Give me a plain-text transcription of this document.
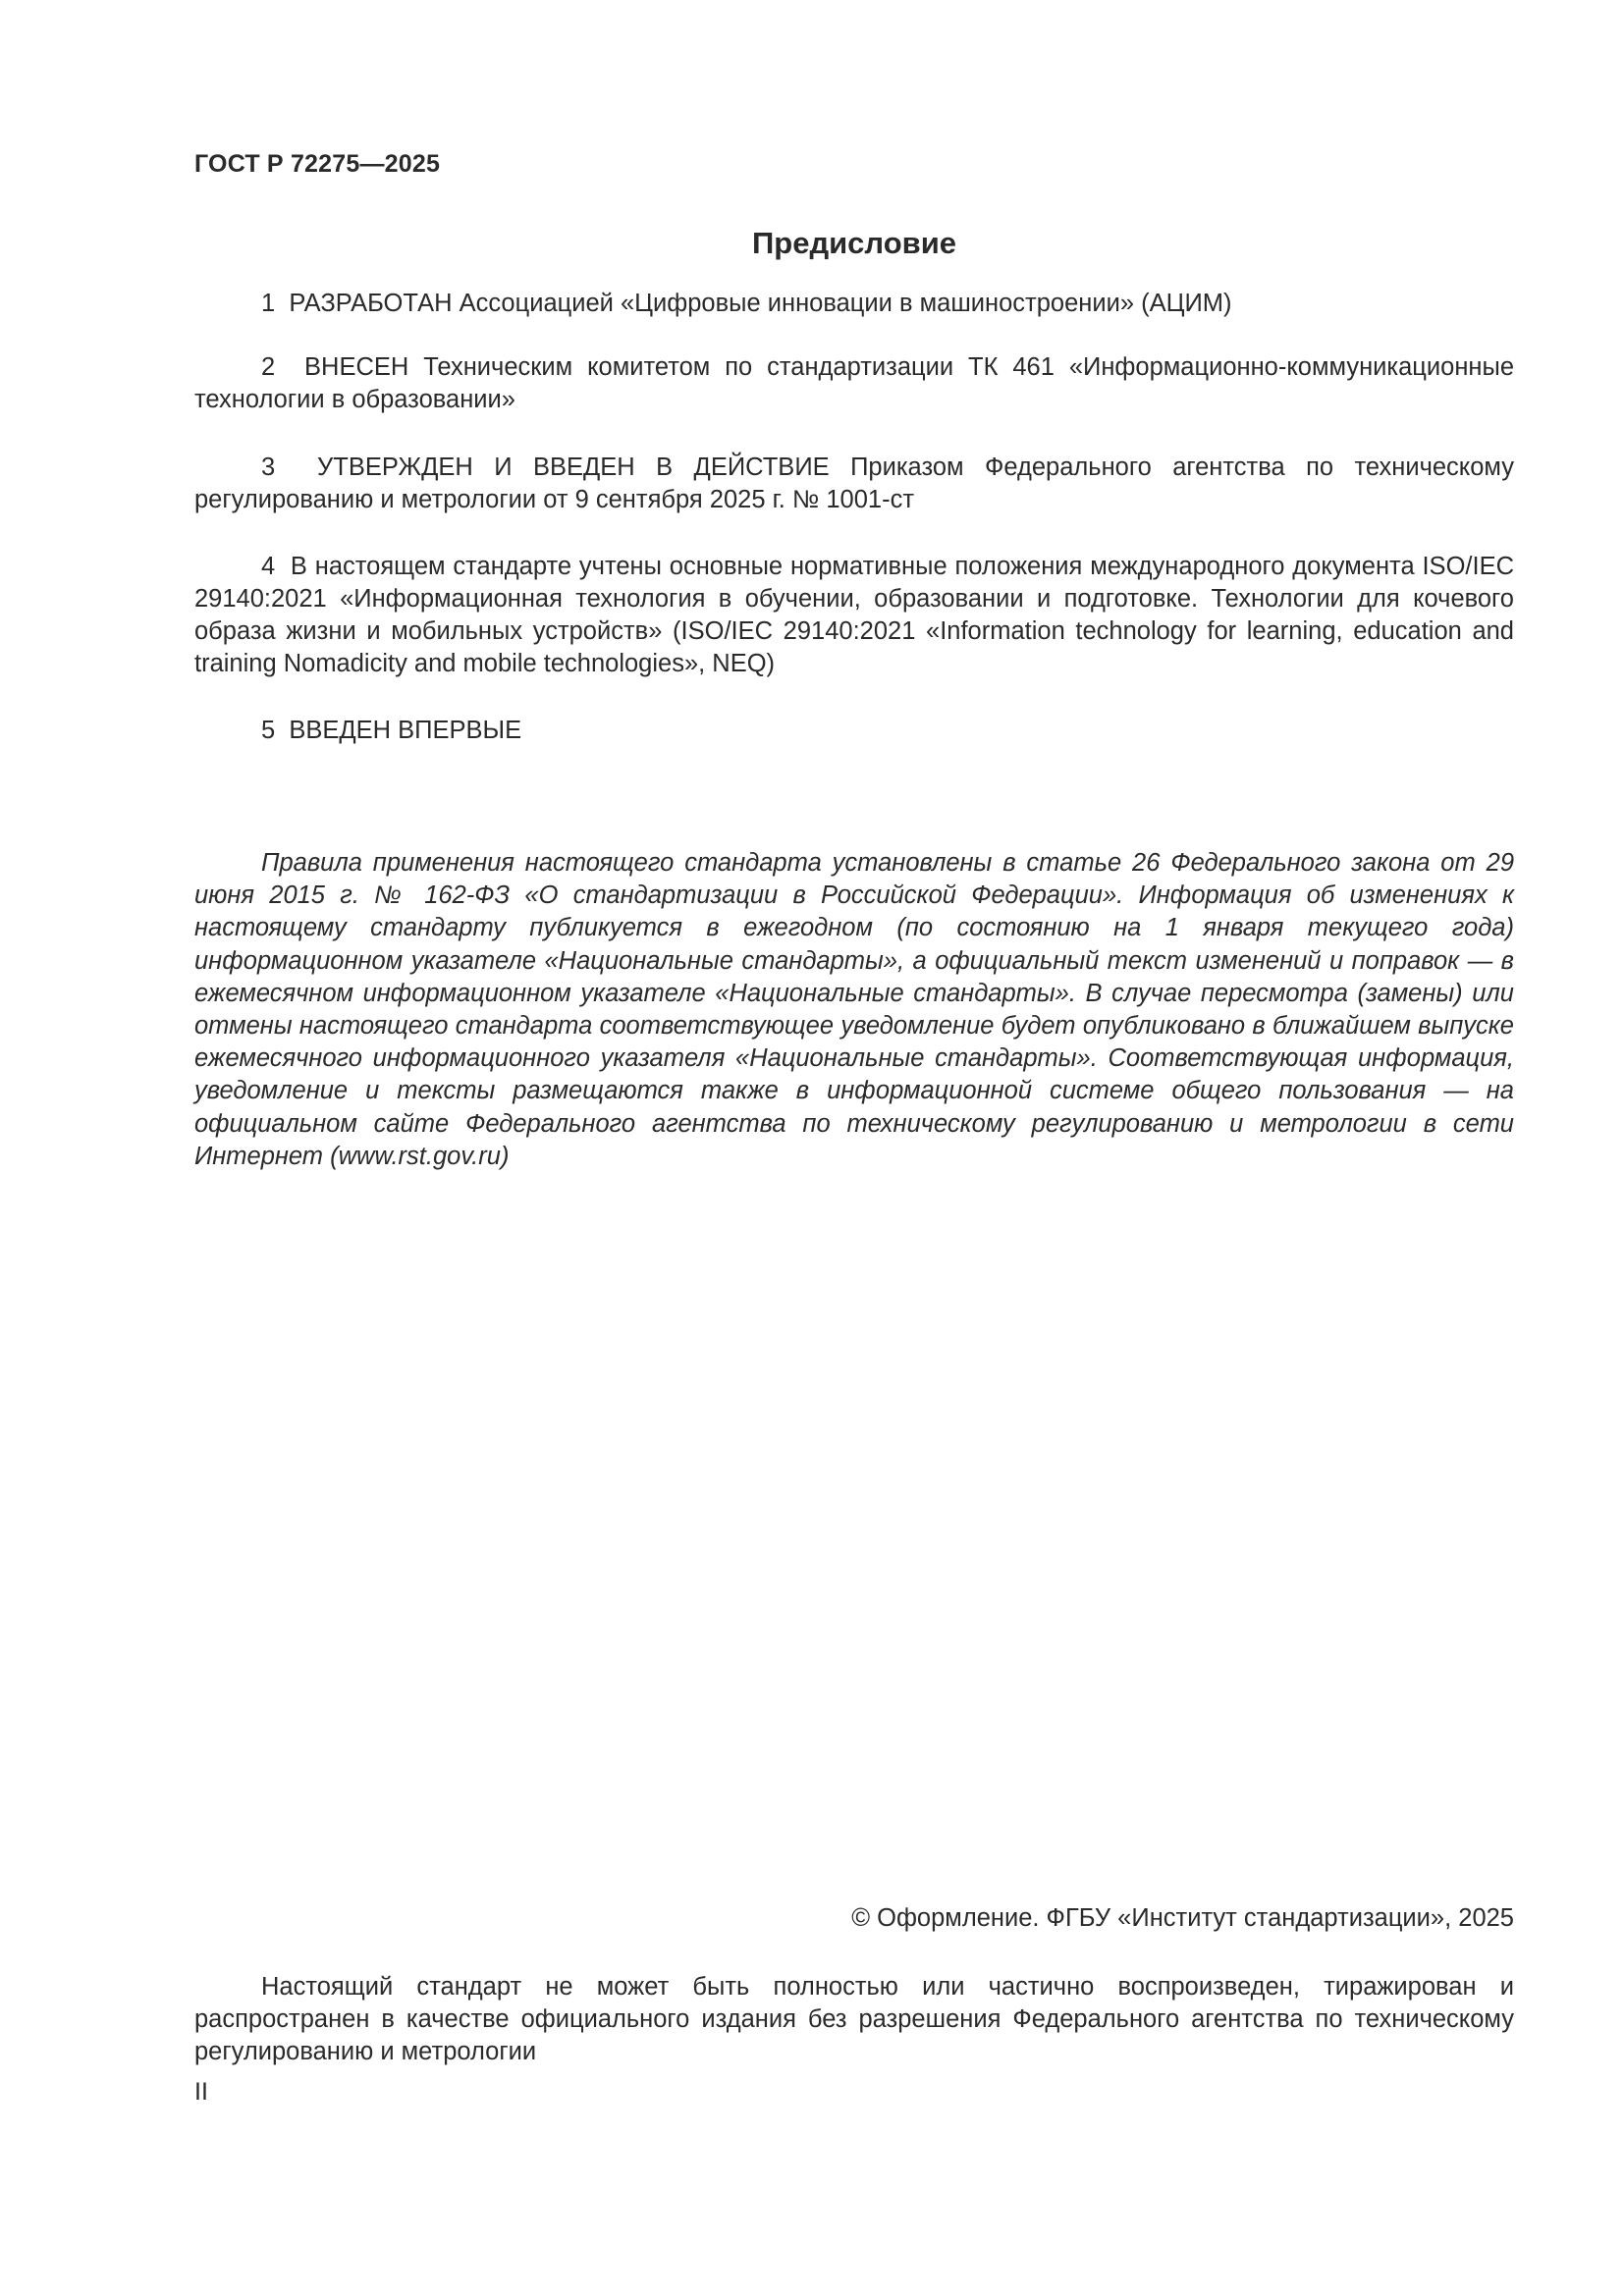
ГОСТ Р 72275—2025
Предисловие
1 РАЗРАБОТАН Ассоциацией «Цифровые инновации в машиностроении» (АЦИМ)
2 ВНЕСЕН Техническим комитетом по стандартизации ТК 461 «Информационно-коммуникационные технологии в образовании»
3 УТВЕРЖДЕН И ВВЕДЕН В ДЕЙСТВИЕ Приказом Федерального агентства по техническому регулированию и метрологии от 9 сентября 2025 г. № 1001-ст
4 В настоящем стандарте учтены основные нормативные положения международного документа ISO/IEC 29140:2021 «Информационная технология в обучении, образовании и подготовке. Технологии для кочевого образа жизни и мобильных устройств» (ISO/IEC 29140:2021 «Information technology for learning, education and training Nomadicity and mobile technologies», NEQ)
5 ВВЕДЕН ВПЕРВЫЕ
Правила применения настоящего стандарта установлены в статье 26 Федерального закона от 29 июня 2015 г. № 162-ФЗ «О стандартизации в Российской Федерации». Информация об изменениях к настоящему стандарту публикуется в ежегодном (по состоянию на 1 января текущего года) информационном указателе «Национальные стандарты», а официальный текст изменений и поправок — в ежемесячном информационном указателе «Национальные стандарты». В случае пересмотра (замены) или отмены настоящего стандарта соответствующее уведомление будет опубликовано в ближайшем выпуске ежемесячного информационного указателя «Национальные стандарты». Соответствующая информация, уведомление и тексты размещаются также в информационной системе общего пользования — на официальном сайте Федерального агентства по техническому регулированию и метрологии в сети Интернет (www.rst.gov.ru)
© Оформление. ФГБУ «Институт стандартизации», 2025
Настоящий стандарт не может быть полностью или частично воспроизведен, тиражирован и распространен в качестве официального издания без разрешения Федерального агентства по техническому регулированию и метрологии
II
